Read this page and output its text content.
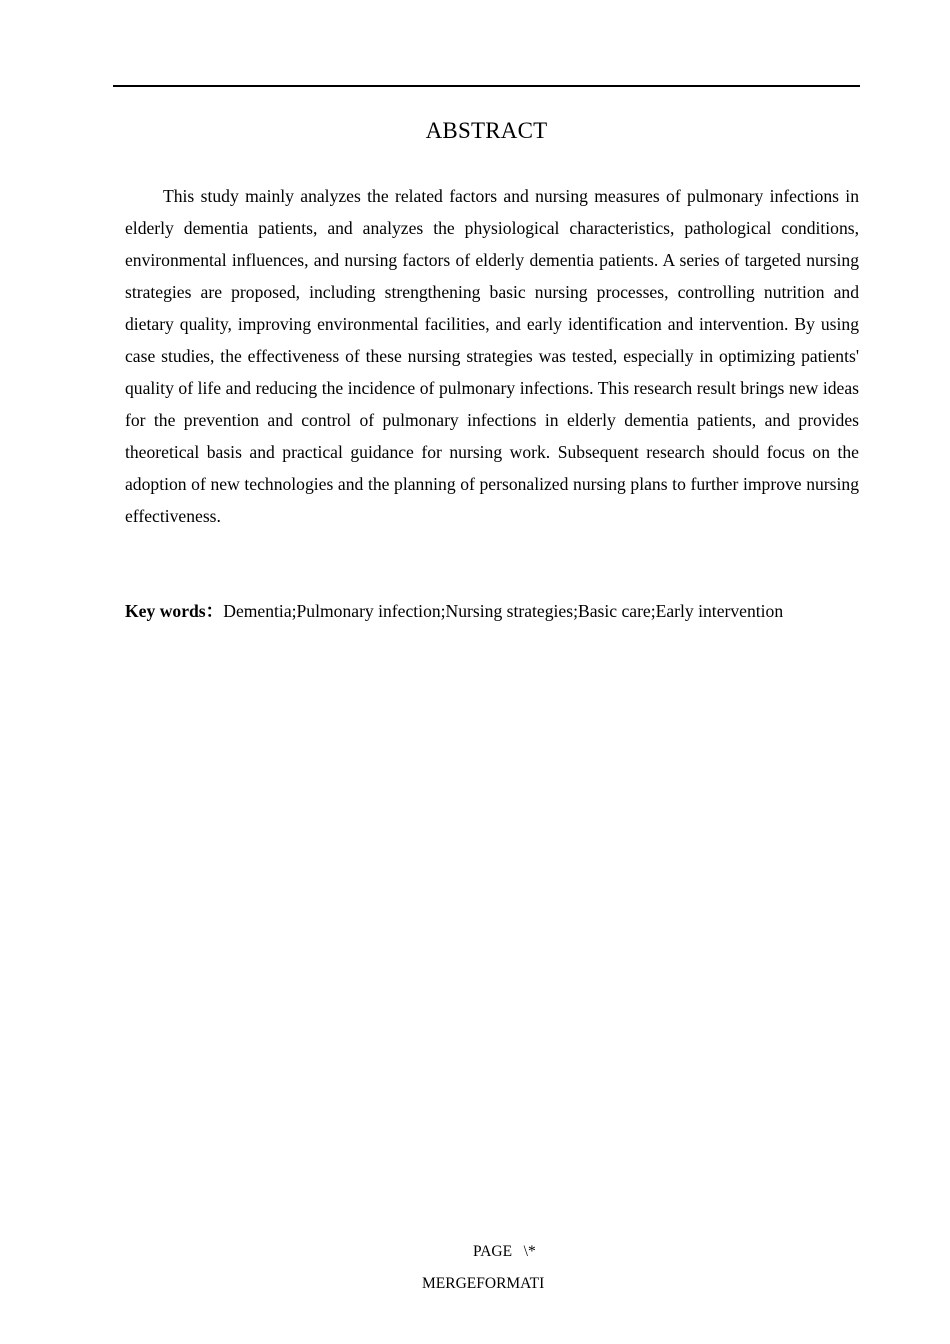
ABSTRACT

This study mainly analyzes the related factors and nursing measures of pulmonary infections in elderly dementia patients, and analyzes the physiological characteristics, pathological conditions, environmental influences, and nursing factors of elderly dementia patients. A series of targeted nursing strategies are proposed, including strengthening basic nursing processes, controlling nutrition and dietary quality, improving environmental facilities, and early identification and intervention. By using case studies, the effectiveness of these nursing strategies was tested, especially in optimizing patients' quality of life and reducing the incidence of pulmonary infections. This research result brings new ideas for the prevention and control of pulmonary infections in elderly dementia patients, and provides theoretical basis and practical guidance for nursing work. Subsequent research should focus on the adoption of new technologies and the planning of personalized nursing plans to further improve nursing effectiveness.

Key words：Dementia;Pulmonary infection;Nursing strategies;Basic care;Early intervention
PAGE   \*
MERGEFORMATI
